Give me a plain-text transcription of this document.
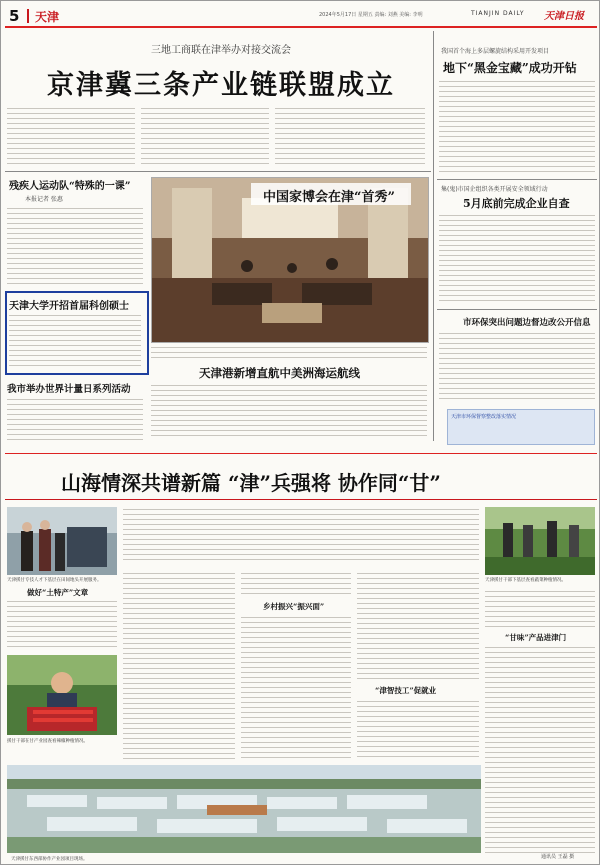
5 天津	2024年5月17日 星期五 责编: 刘燕 美编: 李明	TIANJIN DAILY 天津日报
三地工商联在津举办对接交流会
京津冀三条产业链联盟成立
我国首个海上多层螺旋结构采用开发项目
地下“黑金宝藏”成功开钻
集(鬼)市国企组织各类开展安全领域行动
5月底前完成企业自查
市环保突出问题边督边改公开信息
天津市环保督察整改落实情况
残疾人运动队“特殊的一课”
本报记者 张惠
天津大学开招首届科创硕士
我市举办世界计量日系列活动
中国家博会在津“首秀”
天津港新增直航中美洲海运航线
山海情深共谱新篇 “津”兵强将 协作同“甘”
天津援甘专技人才下基层在田间地头开展服务。
做好“土特产”文章
援甘干部在甘产业园查看辣椒种植情况。
乡村振兴“振兴面”
“津智技工”促就业
天津援甘干部下基层查看蔬菜种植情况。
“甘味”产品进津门
天津援甘东西部协作产业园项目现场。	通讯员 王磊 摄
